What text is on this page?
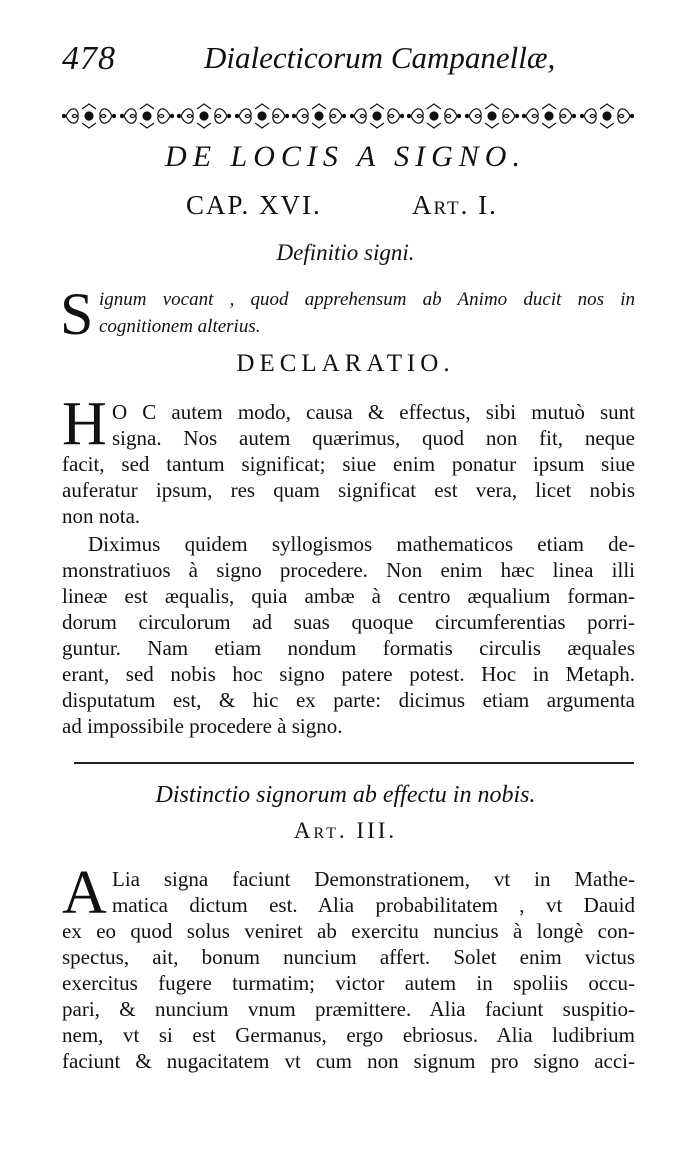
478	Dialecticorum Campanellæ,
DE LOCIS A SIGNO.
CAP. XVI.	Art. I.
Definitio signi.
S ignum vocant , quod apprehensum ab Animo ducit nos in
cognitionem alterius.
DECLARATIO.
H O C autem modo, causa & effectus, sibi mutuò sunt
signa. Nos autem quærimus, quod non fit, neque
facit, sed tantum significat; siue enim ponatur ipsum siue
auferatur ipsum, res quam significat est vera, licet nobis
non nota.
Diximus quidem syllogismos mathematicos etiam de-
monstratiuos à signo procedere. Non enim hæc linea illi
lineæ est æqualis, quia ambæ à centro æqualium forman-
dorum circulorum ad suas quoque circumferentias porri-
guntur. Nam etiam nondum formatis circulis æquales
erant, sed nobis hoc signo patere potest. Hoc in Metaph.
disputatum est, & hic ex parte: dicimus etiam argumenta
ad impossibile procedere à signo.
Distinctio signorum ab effectu in nobis.
Art. III.
A Lia signa faciunt Demonstrationem, vt in Mathe-
matica dictum est. Alia probabilitatem , vt Dauid
ex eo quod solus veniret ab exercitu nuncius à longè con-
spectus, ait, bonum nuncium affert. Solet enim victus
exercitus fugere turmatim; victor autem in spoliis occu-
pari, & nuncium vnum præmittere. Alia faciunt suspitio-
nem, vt si est Germanus, ergo ebriosus. Alia ludibrium
faciunt & nugacitatem vt cum non signum pro signo acci-
